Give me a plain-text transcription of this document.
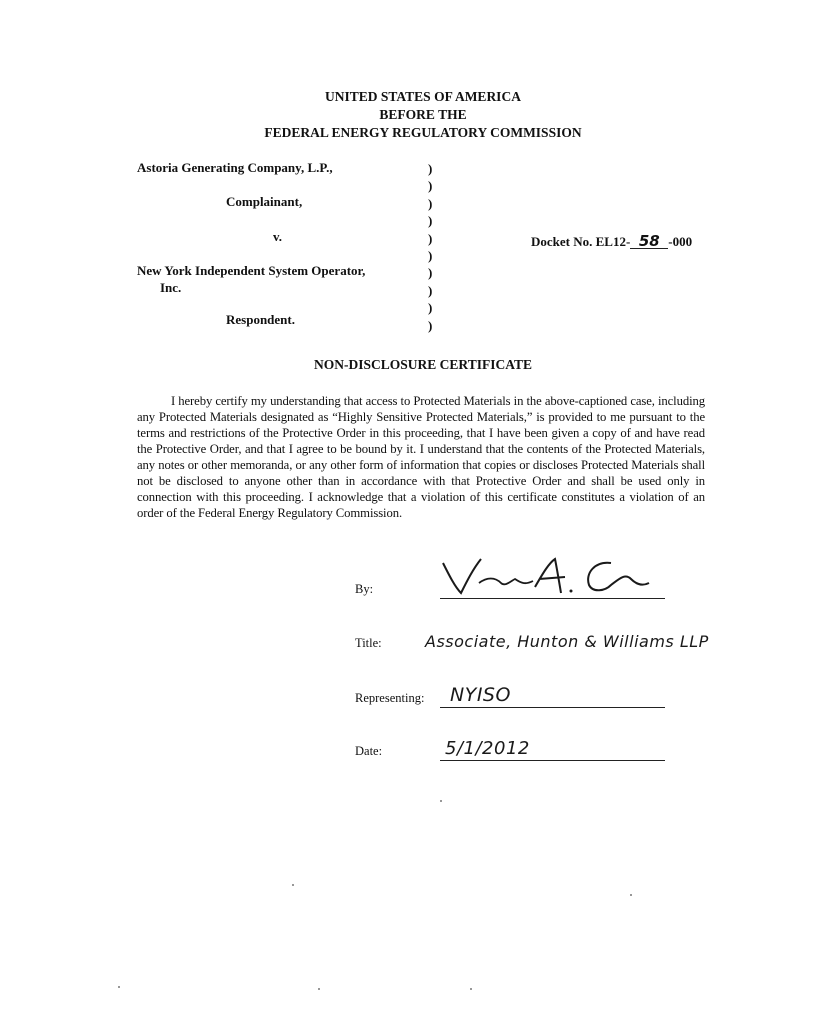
UNITED STATES OF AMERICA
BEFORE THE
FEDERAL ENERGY REGULATORY COMMISSION
Astoria Generating Company, L.P.,
Complainant,
v.
New York Independent System Operator,
Inc.
Respondent.
)
)
)
)
)
)
)
)
)
)
Docket No. EL12- 58 -000
NON-DISCLOSURE CERTIFICATE
I hereby certify my understanding that access to Protected Materials in the above-captioned case, including any Protected Materials designated as “Highly Sensitive Protected Materials,” is provided to me pursuant to the terms and restrictions of the Protective Order in this proceeding, that I have been given a copy of and have read the Protective Order, and that I agree to be bound by it. I understand that the contents of the Protected Materials, any notes or other memoranda, or any other form of information that copies or discloses Protected Materials shall not be disclosed to anyone other than in accordance with that Protective Order and shall be used only in connection with this proceeding. I acknowledge that a violation of this certificate constitutes a violation of an order of the Federal Energy Regulatory Commission.
By:
Title:	Associate, Hunton & Williams LLP
Representing: NYISO
Date:	5/1/2012
